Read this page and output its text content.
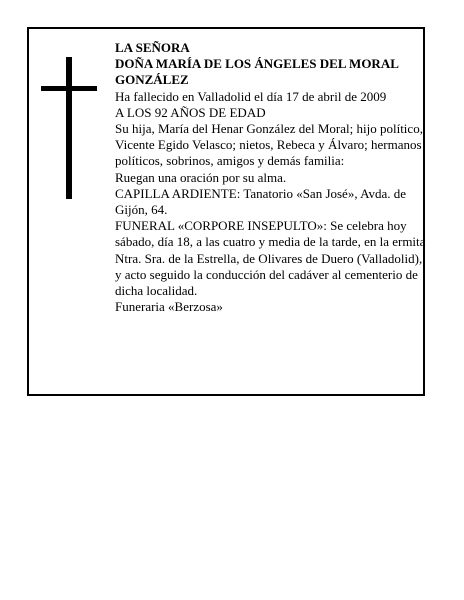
LA SEÑORA

DOÑA MARÍA DE LOS ÁNGELES DEL MORAL GONZÁLEZ

Ha fallecido en Valladolid el día 17 de abril de 2009

A LOS 92 AÑOS DE EDAD

Su hija, María del Henar González del Moral; hijo político, Vicente Egido Velasco; nietos, Rebeca y Álvaro; hermanos políticos, sobrinos, amigos y demás familia:

Ruegan una oración por su alma.

CAPILLA ARDIENTE: Tanatorio «San José», Avda. de Gijón, 64.

FUNERAL «CORPORE INSEPULTO»: Se celebra hoy sábado, día 18, a las cuatro y media de la tarde, en la ermita Ntra. Sra. de la Estrella, de Olivares de Duero (Valladolid), y acto seguido la conducción del cadáver al cementerio de dicha localidad.

Funeraria «Berzosa»
